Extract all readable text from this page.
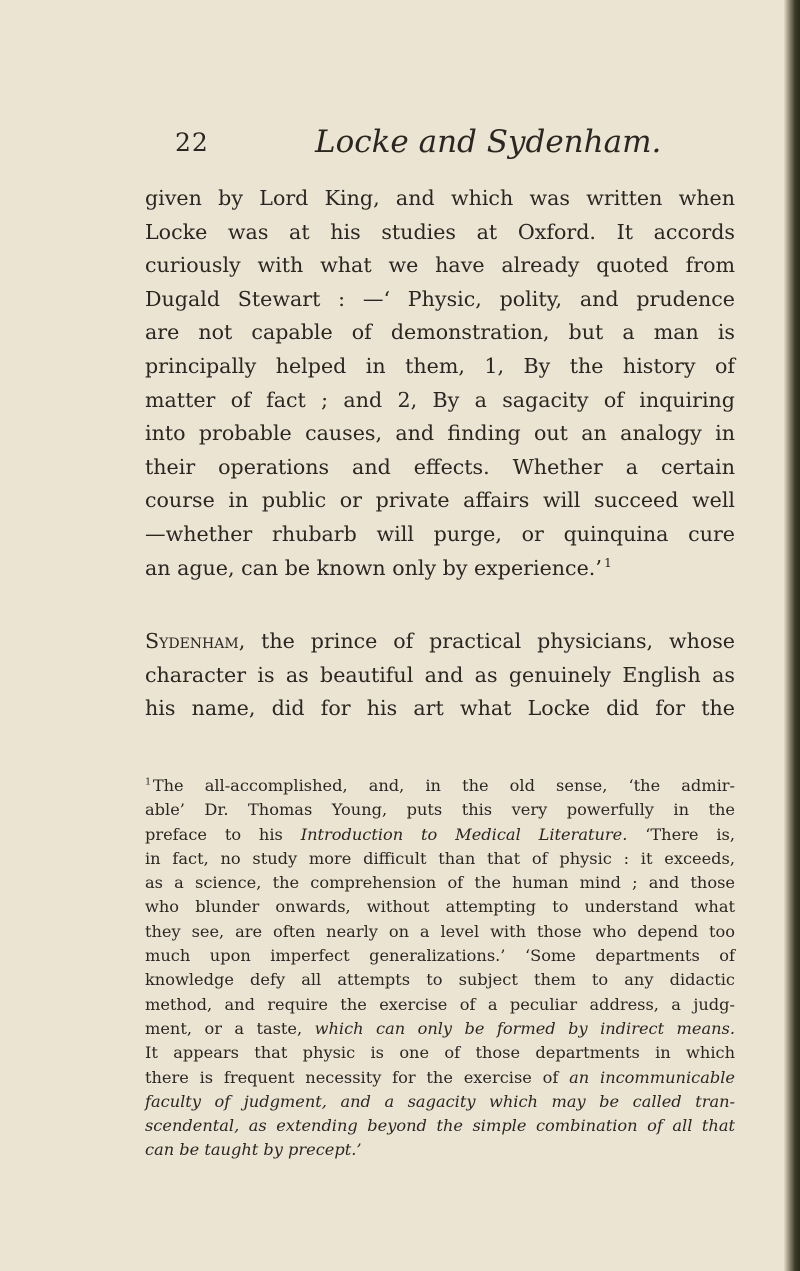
22	Locke and Sydenham.

given by Lord King, and which was written when
Locke was at his studies at Oxford. It accords
curiously with what we have already quoted from
Dugald Stewart : —‘ Physic, polity, and prudence
are not capable of demonstration, but a man is
principally helped in them, 1, By the history of
matter of fact ; and 2, By a sagacity of inquiring
into probable causes, and finding out an analogy in
their operations and effects. Whether a certain
course in public or private affairs will succeed well
—whether rhubarb will purge, or quinquina cure
an ague, can be known only by experience.’  $^1$

Sydenham, the prince of practical physicians, whose
character is as beautiful and as genuinely English as
his name, did for his art what Locke did for the

$^1$  The all-accomplished, and, in the old sense, ‘the admir-
able’ Dr. Thomas Young, puts this very powerfully in the
preface to his Introduction to Medical Literature. ‘There is,
in fact, no study more difficult than that of physic : it exceeds,
as a science, the comprehension of the human mind ; and those
who blunder onwards, without attempting to understand what
they see, are often nearly on a level with those who depend too
much upon imperfect generalizations.’ ‘Some departments of
knowledge defy all attempts to subject them to any didactic
method, and require the exercise of a peculiar address, a judg-
ment, or a taste, which can only be formed by indirect means.
It appears that physic is one of those departments in which
there is frequent necessity for the exercise of an incommunicable
faculty of judgment, and a sagacity which may be called tran-
scendental, as extending beyond the simple combination of all that
can be taught by precept.’
